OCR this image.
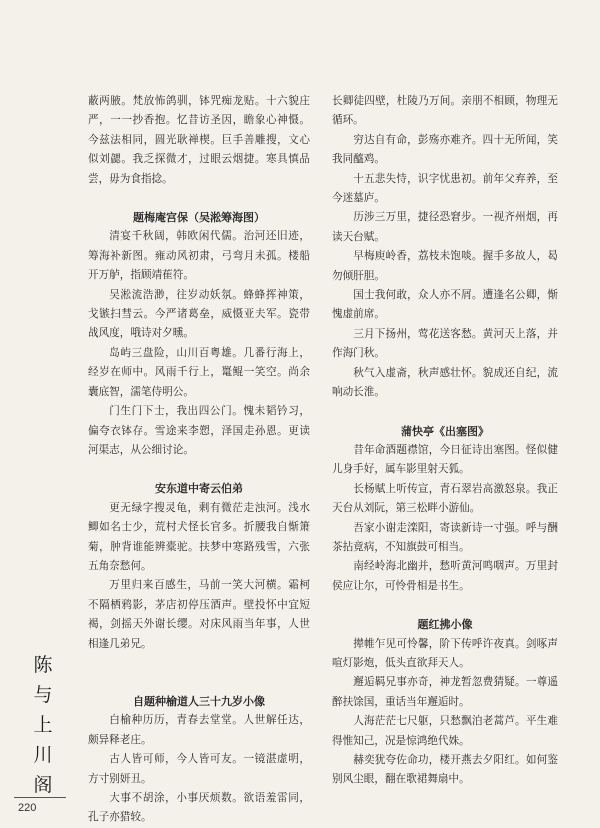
蔽两腋。梵放怖鸽驯，钵咒痴龙贴。十六貌庄严，一一抄香抱。忆昔访圣因，瞻象心神慑。今兹法相同，圆光耿禅楔。巨手善雕搜，文心似刘勰。我乏探微才，过眼云烟捷。寒具慎品尝，毋为食指捻。

题梅庵宫保（吴淞筹海图）

清宴千秋阔，韩欧闲代儒。治河还旧迹，筹海补新图。雍动风初肃，弓弯月未孤。楼船开万舻，指顾靖萑符。

吴淞流浩渺，往岁动妖氛。蜂蜂挥神策，戈镞扫彗云。今严诸葛垒，威慑亚夫军。瓷带战风度，哦诗对夕曛。

岛屿三盘险，山川百粤雄。几番行海上，经岁在师中。风雨千行上，鼍鲲一笑空。尚余囊底智，濡笔侍明公。

门生门下士，我出四公门。愧未韬钤习，偏夸衣钵存。雪途来李愬，泽国走孙恩。更读河渠志，从公细讨论。

安东道中寄云伯弟

更无绿字搜灵龟，剩有微茫走浊河。浅水鲫如名士少，荒村犬怪长官多。折腰我自惭箫菊，肿背谁能辨橐驼。扶梦中寒路残雪，六张五角奈愁何。

万里归来百感生，马前一笑大河横。霜柯不隔栖鸦影，茅店初停压酒声。壁投怀中宜短褐，剑摇天外谢长缨。对床风雨当年事，人世相逢几弟兄。

自题种榆道人三十九岁小像

白榆种历历，青春去堂堂。人世解任达，颇异释老庄。

古人皆可师，今人皆可友。一镜湛虚明，方寸别妍丑。

大事不胡涂，小事厌烦数。欲语羞雷同，孔子亦猎较。

长卿徒四壁，杜陵乃万间。亲朋不相顾，物理无循环。

穷达自有命，彭殇亦难齐。四十无所闻，笑我同醯鸡。

十五悲失恃，识字忧患初。前年父弃养，至今迷墓庐。

历涉三万里，捷径恐窘步。一视齐州烟，再读天台赋。

早梅庾岭香，荔枝未饱啖。握手多故人，曷勿倾肝胆。

国士我何敢，众人亦不屑。遭逢名公卿，惭愧虚前席。

三月下扬州，莺花送客愁。黄河天上落，并作海门秋。

秋气入虚斋，秋声感壮怀。貌成还自纪，流响动长淮。

蒲快亭《出塞图》

昔年命酒题襟馆，今日征诗出塞图。怪似健儿身手好，属车影里射天狐。

长杨赋上听传宣，青石翠岩高激怒泉。我正天台从刘阮，第三松畔小游仙。

吾家小谢走滦阳，寄读新诗一寸强。呼与酬茶拈竟病，不知旗鼓可相当。

南经岭海北幽并，愁听黄河鸣咽声。万里封侯应让尔，可怜骨相是书生。

题红拂小像

撵帷乍见可怜馨，阶下传呼许夜真。剑啄声喧灯影炮，低头直欲拜天人。

邂逅羁兄事亦奇，神龙暂忽费猜疑。一尊遥醉扶馀国，重话当年邂逅时。

人海茫茫七尺躯，只愁飘泊老蒿芦。平生难得惟知己，况是惊鸿绝代姝。

赫奕犹夸佐命功，楼开燕去夕阳红。如何鉴别风尘眼，翻在歌裙舞扇中。

陈
与
上
川
阁
220
